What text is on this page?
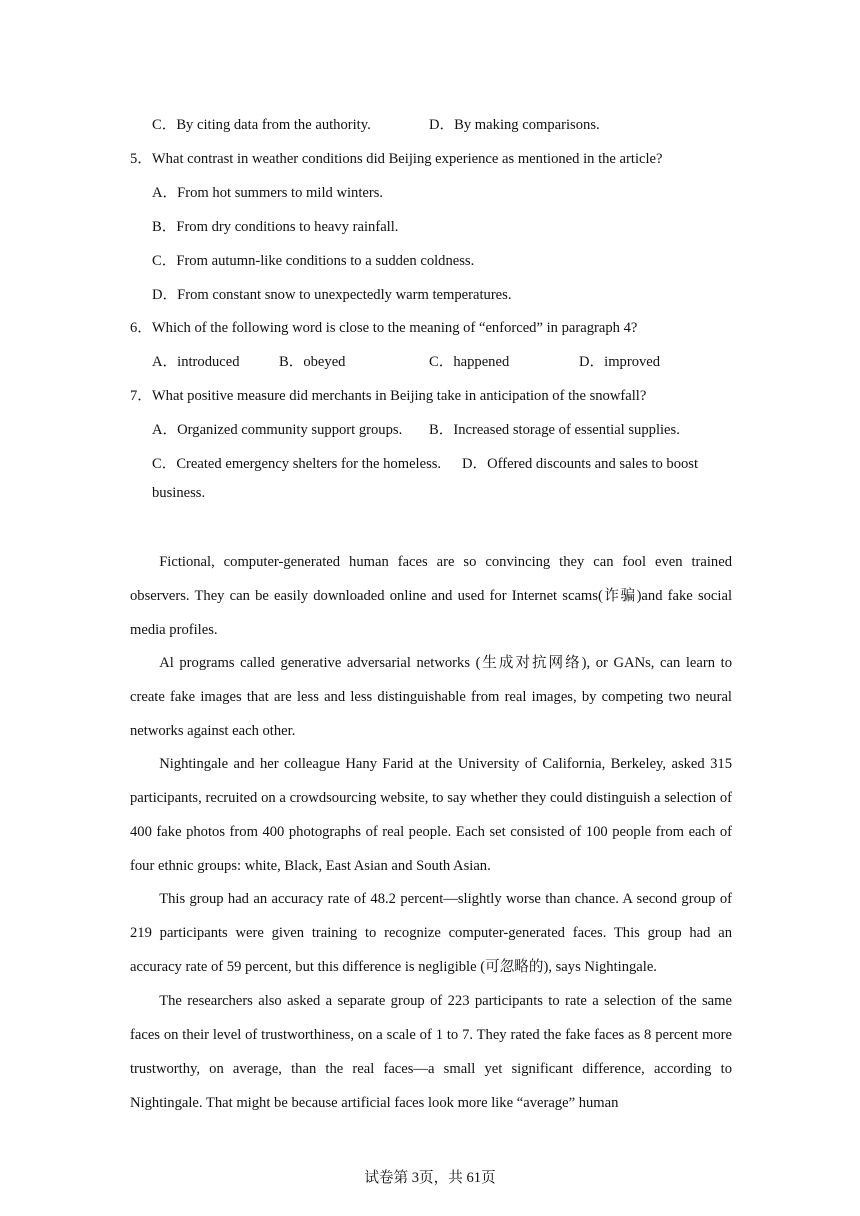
C．By citing data from the authority.	D．By making comparisons.
5．What contrast in weather conditions did Beijing experience as mentioned in the article?
A．From hot summers to mild winters.
B．From dry conditions to heavy rainfall.
C．From autumn-like conditions to a sudden coldness.
D．From constant snow to unexpectedly warm temperatures.
6．Which of the following word is close to the meaning of “enforced” in paragraph 4?
A．introduced	B．obeyed	C．happened	D．improved
7．What positive measure did merchants in Beijing take in anticipation of the snowfall?
A．Organized community support groups. B．Increased storage of essential supplies.
C．Created emergency shelters for the homeless. D．Offered discounts and sales to boost
business.
Fictional, computer-generated human faces are so convincing they can fool even trained observers. They can be easily downloaded online and used for Internet scams(诈骗)and fake social media profiles.
Al programs called generative adversarial networks (生成对抗网络), or GANs, can learn to create fake images that are less and less distinguishable from real images, by competing two neural networks against each other.
Nightingale and her colleague Hany Farid at the University of California, Berkeley, asked 315 participants, recruited on a crowdsourcing website, to say whether they could distinguish a selection of 400 fake photos from 400 photographs of real people. Each set consisted of 100 people from each of four ethnic groups: white, Black, East Asian and South Asian.
This group had an accuracy rate of 48.2 percent—slightly worse than chance. A second group of 219 participants were given training to recognize computer-generated faces. This group had an accuracy rate of 59 percent, but this difference is negligible (可忽略的), says Nightingale.
The researchers also asked a separate group of 223 participants to rate a selection of the same faces on their level of trustworthiness, on a scale of 1 to 7. They rated the fake faces as 8 percent more trustworthy, on average, than the real faces—a small yet significant difference, according to Nightingale. That might be because artificial faces look more like “average” human
试卷第 3页，共 61页
